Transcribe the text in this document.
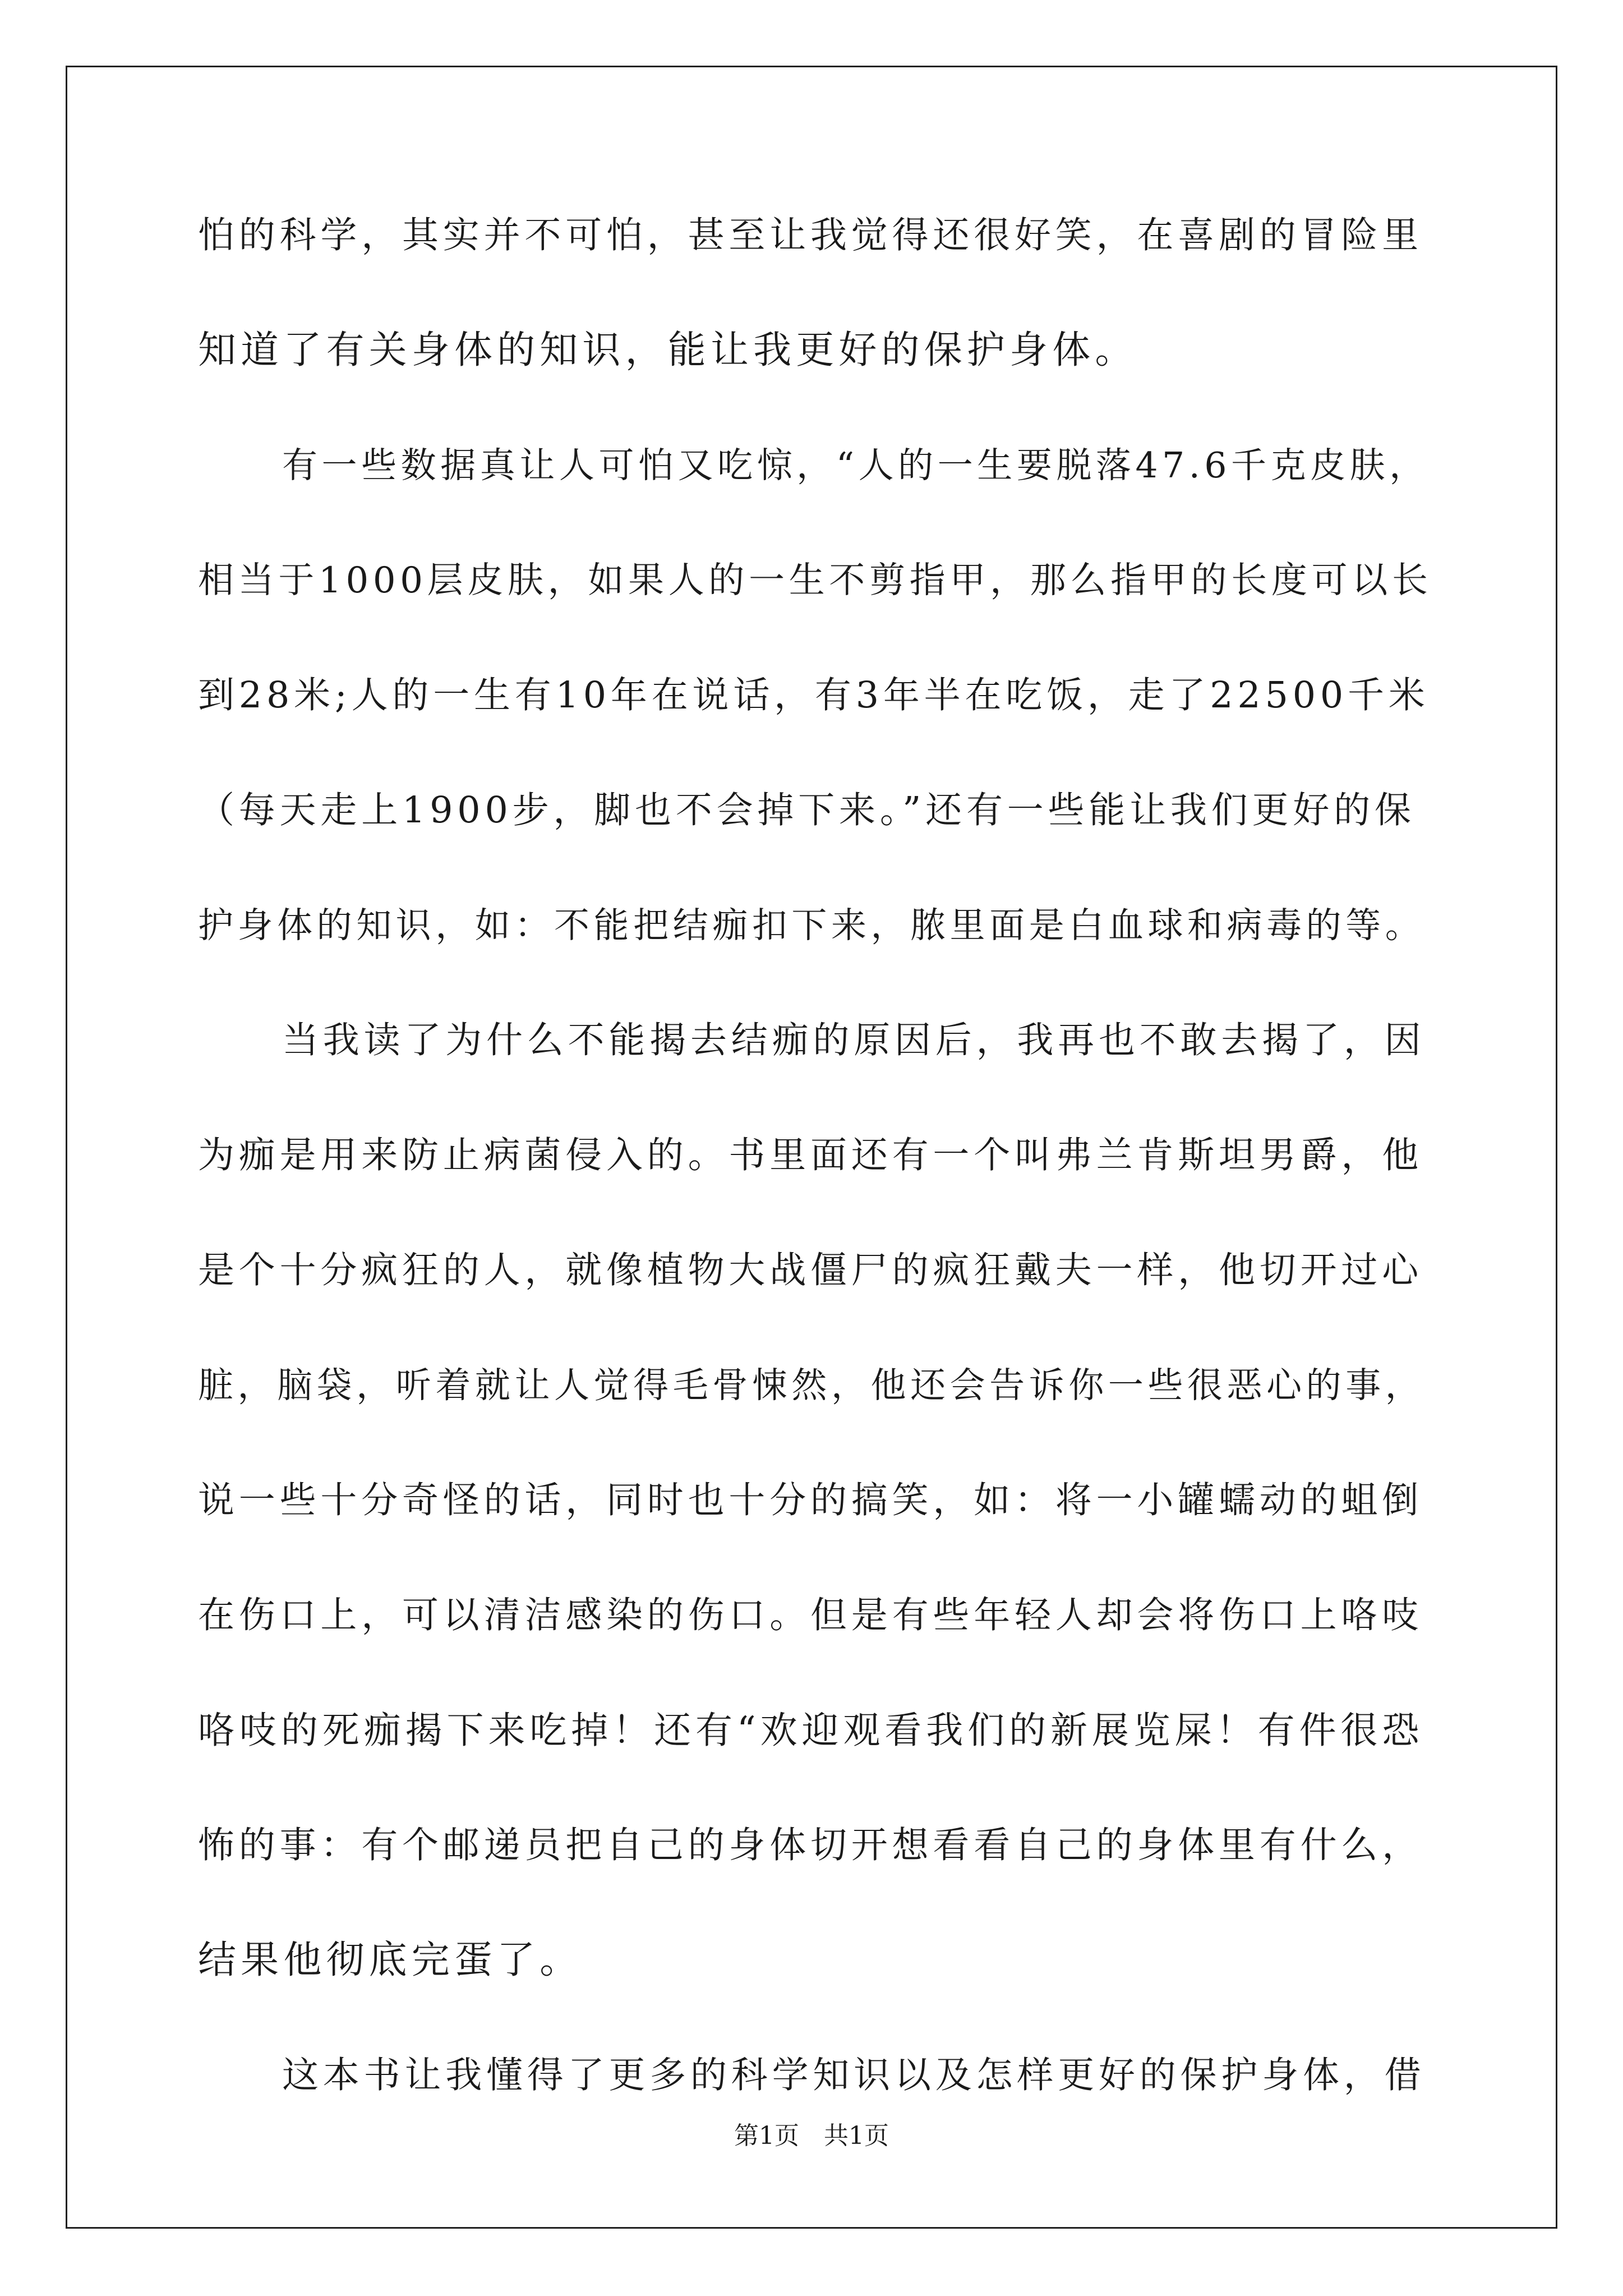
怕的科学，其实并不可怕，甚至让我觉得还很好笑，在喜剧的冒险里
知道了有关身体的知识，能让我更好的保护身体。
有一些数据真让人可怕又吃惊，“人的一生要脱落47.6千克皮肤，
相当于1000层皮肤，如果人的一生不剪指甲，那么指甲的长度可以长
到28米;人的一生有10年在说话，有3年半在吃饭，走了22500千米
（每天走上1900步，脚也不会掉下来。”还有一些能让我们更好的保
护身体的知识，如：不能把结痂扣下来，脓里面是白血球和病毒的等。
当我读了为什么不能揭去结痂的原因后，我再也不敢去揭了，因
为痂是用来防止病菌侵入的。书里面还有一个叫弗兰肯斯坦男爵，他
是个十分疯狂的人，就像植物大战僵尸的疯狂戴夫一样，他切开过心
脏，脑袋，听着就让人觉得毛骨悚然，他还会告诉你一些很恶心的事，
说一些十分奇怪的话，同时也十分的搞笑，如：将一小罐蠕动的蛆倒
在伤口上，可以清洁感染的伤口。但是有些年轻人却会将伤口上咯吱
咯吱的死痂揭下来吃掉！还有“欢迎观看我们的新展览屎！有件很恐
怖的事：有个邮递员把自己的身体切开想看看自己的身体里有什么，
结果他彻底完蛋了。
这本书让我懂得了更多的科学知识以及怎样更好的保护身体，借
第1页　共1页
